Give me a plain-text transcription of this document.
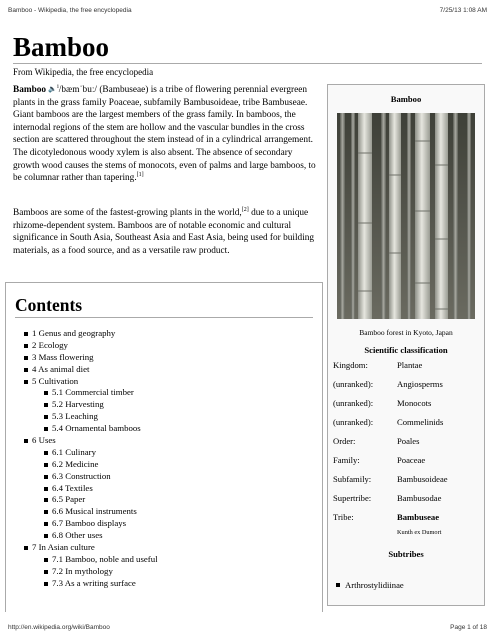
Bamboo - Wikipedia, the free encyclopedia	7/25/13 1:08 AM
Bamboo
From Wikipedia, the free encyclopedia
Bamboo 🔈$^i$/bæmˈbuː/ (Bambuseae) is a tribe of flowering perennial evergreen plants in the grass family Poaceae, subfamily Bambusoideae, tribe Bambuseae. Giant bamboos are the largest members of the grass family. In bamboos, the internodal regions of the stem are hollow and the vascular bundles in the cross section are scattered throughout the stem instead of in a cylindrical arrangement. The dicotyledonous woody xylem is also absent. The absence of secondary growth wood causes the stems of monocots, even of palms and large bamboos, to be columnar rather than tapering.[1]
Bamboos are some of the fastest-growing plants in the world,[2] due to a unique rhizome-dependent system. Bamboos are of notable economic and cultural significance in South Asia, Southeast Asia and East Asia, being used for building materials, as a food source, and as a versatile raw product.
Bamboo
Bamboo forest in Kyoto, Japan
Scientific classification
Kingdom:	Plantae
(unranked):	Angiosperms
(unranked):	Monocots
(unranked):	Commelinids
Order:	Poales
Family:	Poaceae
Subfamily:	Bambusoideae
Supertribe:	Bambusodae
Tribe:	Bambuseae
Kunth ex Dumort
Subtribes
Arthrostylidiinae
Contents
1 Genus and geography
2 Ecology
3 Mass flowering
4 As animal diet
5 Cultivation
5.1 Commercial timber
5.2 Harvesting
5.3 Leaching
5.4 Ornamental bamboos
6 Uses
6.1 Culinary
6.2 Medicine
6.3 Construction
6.4 Textiles
6.5 Paper
6.6 Musical instruments
6.7 Bamboo displays
6.8 Other uses
7 In Asian culture
7.1 Bamboo, noble and useful
7.2 In mythology
7.3 As a writing surface
http://en.wikipedia.org/wiki/Bamboo	Page 1 of 18
